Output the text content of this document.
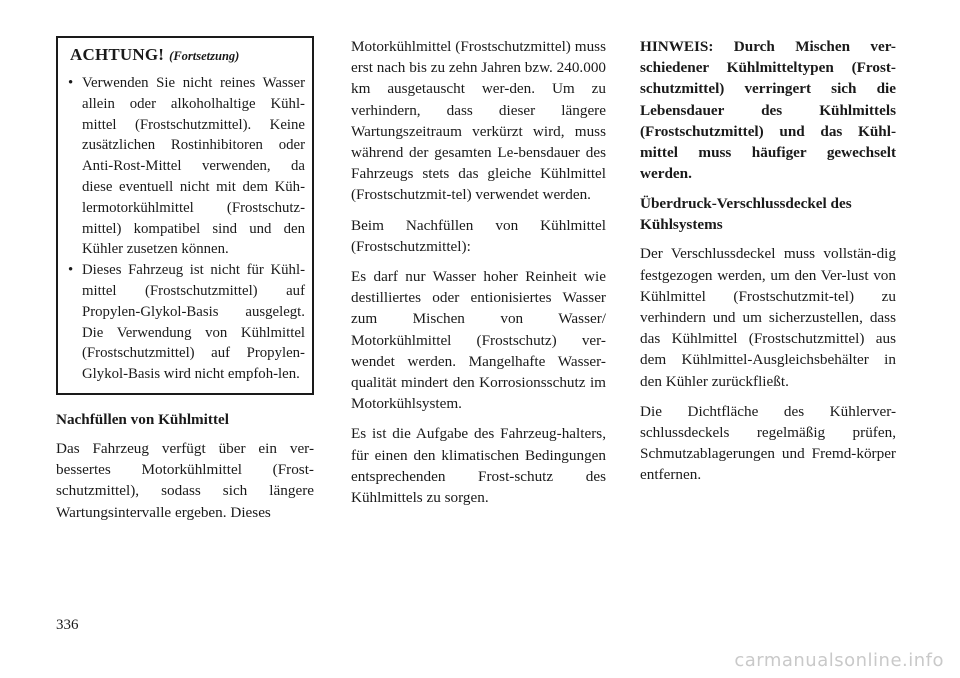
ACHTUNG! (Fortsetzung)
• Verwenden Sie nicht reines Wasser allein oder alkoholhaltige Kühl-mittel (Frostschutzmittel). Keine zusätzlichen Rostinhibitoren oder Anti-Rost-Mittel verwenden, da diese eventuell nicht mit dem Küh-lermotorkühlmittel (Frostschutz-mittel) kompatibel sind und den Kühler zusetzen können.
• Dieses Fahrzeug ist nicht für Kühl-mittel (Frostschutzmittel) auf Propylen-Glykol-Basis ausgelegt. Die Verwendung von Kühlmittel (Frostschutzmittel) auf Propylen-Glykol-Basis wird nicht empfoh-len.
Nachfüllen von Kühlmittel

Das Fahrzeug verfügt über ein ver-bessertes Motorkühlmittel (Frost-schutzmittel), sodass sich längere Wartungsintervalle ergeben. Dieses

Motorkühlmittel (Frostschutzmittel) muss erst nach bis zu zehn Jahren bzw. 240.000 km ausgetauscht wer-den. Um zu verhindern, dass dieser längere Wartungszeitraum verkürzt wird, muss während der gesamten Le-bensdauer des Fahrzeugs stets das gleiche Kühlmittel (Frostschutzmit-tel) verwendet werden.

Beim Nachfüllen von Kühlmittel (Frostschutzmittel):

Es darf nur Wasser hoher Reinheit wie destilliertes oder entionisiertes Wasser zum Mischen von Wasser/ Motorkühlmittel (Frostschutz) ver-wendet werden. Mangelhafte Wasser-qualität mindert den Korrosionsschutz im Motorkühlsystem.

Es ist die Aufgabe des Fahrzeug-halters, für einen den klimatischen Bedingungen entsprechenden Frost-schutz des Kühlmittels zu sorgen.

HINWEIS: Durch Mischen ver-schiedener Kühlmitteltypen (Frost-schutzmittel) verringert sich die Lebensdauer des Kühlmittels (Frostschutzmittel) und das Kühl-mittel muss häufiger gewechselt werden.

Überdruck-Verschlussdeckel des Kühlsystems

Der Verschlussdeckel muss vollstän-dig festgezogen werden, um den Ver-lust von Kühlmittel (Frostschutzmit-tel) zu verhindern und um sicherzustellen, dass das Kühlmittel (Frostschutzmittel) aus dem Kühlmittel-Ausgleichsbehälter in den Kühler zurückfließt.

Die Dichtfläche des Kühlerver-schlussdeckels regelmäßig prüfen, Schmutzablagerungen und Fremd-körper entfernen.

336
carmanualsonline.info
